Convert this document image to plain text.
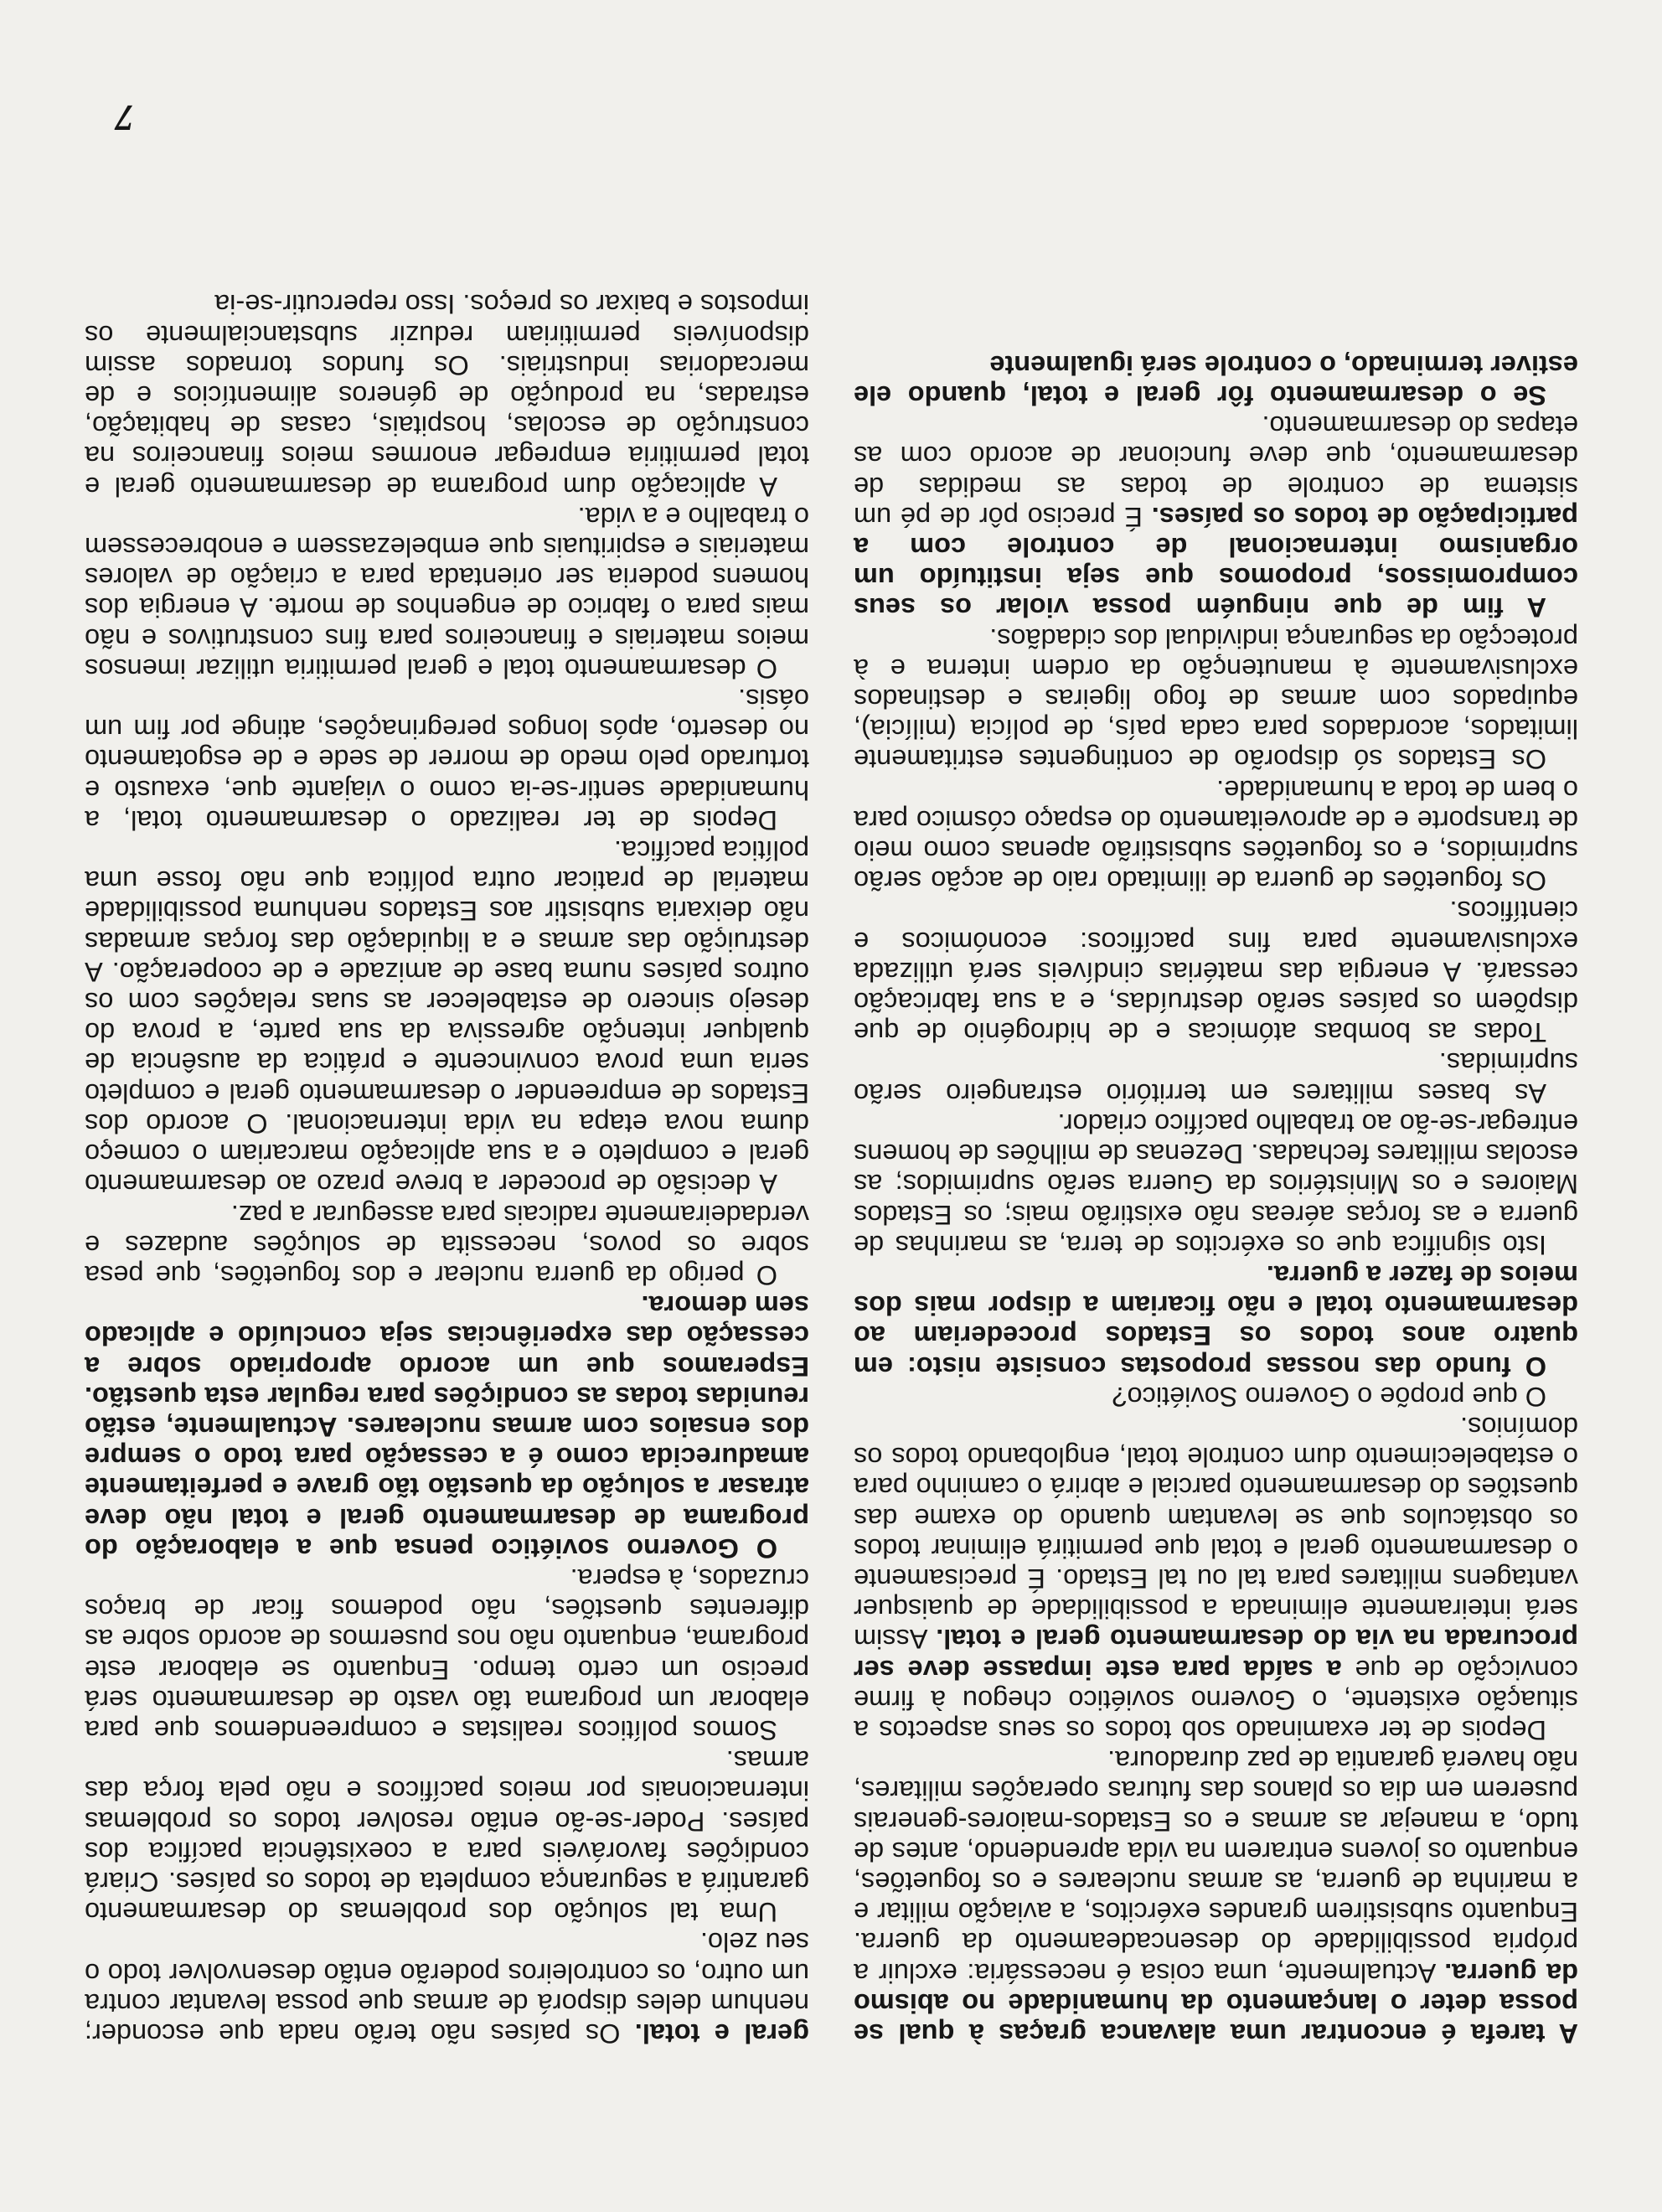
A tarefa é encontrar uma alavanca graças à qual se possa deter o lançamento da humanidade no abismo da guerra. Actualmente, uma coisa é necessária: excluir a própria possibilidade do desencadeamento da guerra. Enquanto subsistirem grandes exércitos, a aviação militar e a marinha de guerra, as armas nucleares e os foguetões, enquanto os jovens entrarem na vida aprendendo, antes de tudo, a manejar as armas e os Estados-maiores-generais puserem em dia os planos das futuras operações militares, não haverá garantia de paz duradoura.

Depois de ter examinado sob todos os seus aspectos a situação existente, o Governo soviético chegou à firme convicção de que a saída para este impasse deve ser procurada na via do desarmamento geral e total. Assim será inteiramente eliminada a possibilidade de quaisquer vantagens militares para tal ou tal Estado. É precisamente o desarmamento geral e total que permitirá eliminar todos os obstáculos que se levantam quando do exame das questões do desarmamento parcial e abrirá o caminho para o estabelecimento dum controle total, englobando todos os domínios.

O que propõe o Governo Soviético?

O fundo das nossas propostas consiste nisto: em quatro anos todos os Estados procederiam ao desarmamento total e não ficariam a dispor mais dos meios de fazer a guerra.

Isto significa que os exércitos de terra, as marinhas de guerra e as forças aéreas não existirão mais; os Estados Maiores e os Ministérios da Guerra serão suprimidos; as escolas militares fechadas. Dezenas de milhões de homens entregar-se-ão ao trabalho pacífico criador.

As bases militares em território estrangeiro serão suprimidas.

Todas as bombas atómicas e de hidrogénio de que dispõem os países serão destruídas, e a sua fabricação cessará. A energia das matérias cindíveis será utilizada exclusivamente para fins pacíficos: económicos e científicos.

Os foguetões de guerra de ilimitado raio de acção serão suprimidos, e os foguetões subsistirão apenas como meio de transporte e de aproveitamento do espaço cósmico para o bem de toda a humanidade.

Os Estados só disporão de contingentes estritamente limitados, acordados para cada país, de polícia (milícia), equipados com armas de fogo ligeiras e destinados exclusivamente à manutenção da ordem interna e à protecção da segurança individual dos cidadãos.

A fim de que ninguém possa violar os seus compromissos, propomos que seja instituído um organismo internacional de controle com a participação de todos os países. É preciso pôr de pé um sistema de controle de todas as medidas de desarmamento, que deve funcionar de acordo com as etapas do desarmamento.

Se o desarmamento fôr geral e total, quando ele estiver terminado, o controle será igualmente

geral e total. Os países não terão nada que esconder; nenhum deles disporá de armas que possa levantar contra um outro, os controleiros poderão então desenvolver todo o seu zelo.

Uma tal solução dos problemas do desarmamento garantirá a segurança completa de todos os países. Criará condições favoráveis para a coexistência pacífica dos países. Poder-se-ão então resolver todos os problemas internacionais por meios pacíficos e não pela força das armas.

Somos políticos realistas e compreendemos que para elaborar um programa tão vasto de desarmamento será preciso um certo tempo. Enquanto se elaborar este programa, enquanto não nos pusermos de acordo sobre as diferentes questões, não podemos ficar de braços cruzados, à espera.

O Governo soviético pensa que a elaboração do programa de desarmamento geral e total não deve atrasar a solução da questão tão grave e perfeitamente amadurecida como é a cessação para todo o sempre dos ensaios com armas nucleares. Actualmente, estão reunidas todas as condições para regular esta questão. Esperamos que um acordo apropriado sobre a cessação das experiências seja concluído e aplicado sem demora.

O perigo da guerra nuclear e dos foguetões, que pesa sobre os povos, necessita de soluções audazes e verdadeiramente radicais para assegurar a paz.

A decisão de proceder a breve prazo ao desarmamento geral e completo e a sua aplicação marcariam o começo duma nova etapa na vida internacional. O acordo dos Estados de empreender o desarmamento geral e completo seria uma prova convincente e prática da ausência de qualquer intenção agressiva da sua parte, a prova do desejo sincero de estabelecer as suas relações com os outros países numa base de amizade e de cooperação. A destruição das armas e a liquidação das forças armadas não deixaria subsistir aos Estados nenhuma possibilidade material de praticar outra política que não fosse uma política pacífica.

Depois de ter realizado o desarmamento total, a humanidade sentir-se-ia como o viajante que, exausto e torturado pelo medo de morrer de sede e de esgotamento no deserto, após longos peregrinações, atinge por fim um oásis.

O desarmamento total e geral permitiria utilizar imensos meios materiais e financeiros para fins construtivos e não mais para o fabrico de engenhos de morte. A energia dos homens poderia ser orientada para a criação de valores materiais e espirituais que embelezassem e enobrecessem o trabalho e a vida.

A aplicação dum programa de desarmamento geral e total permitiria empregar enormes meios financeiros na construção de escolas, hospitais, casas de habitação, estradas, na produção de géneros alimentícios e de mercadorias industriais. Os fundos tornados assim disponíveis permitiriam reduzir substancialmente os impostos e baixar os preços. Isso repercutir-se-ia

7
